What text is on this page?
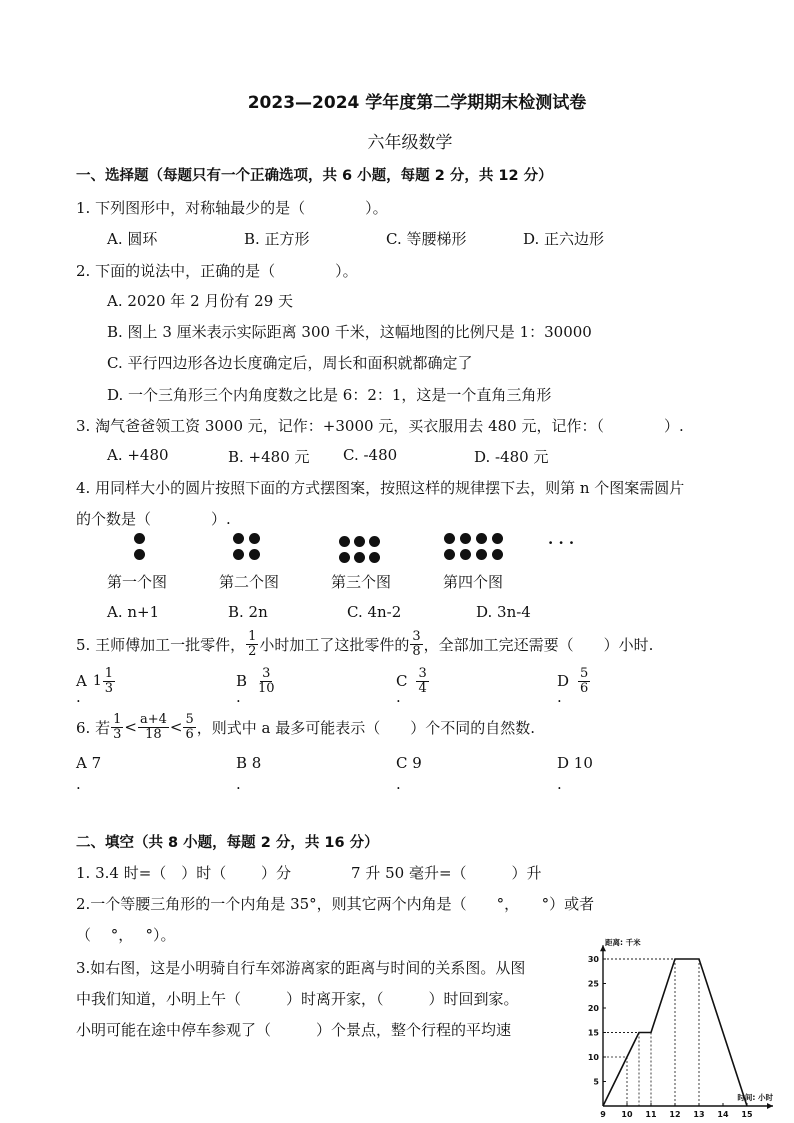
2023—2024 学年度第二学期期末检测试卷
六年级数学
一、选择题（每题只有一个正确选项，共 6 小题，每题 2 分，共 12 分）
1. 下列图形中，对称轴最少的是（　　　　）。
A. 圆环	B. 正方形	C. 等腰梯形	D. 正六边形
2. 下面的说法中，正确的是（　　　　）。
A. 2020 年 2 月份有 29 天
B. 图上 3 厘米表示实际距离 300 千米，这幅地图的比例尺是 1：30000
C. 平行四边形各边长度确定后，周长和面积就都确定了
D. 一个三角形三个内角度数之比是 6：2：1，这是一个直角三角形
3. 淘气爸爸领工资 3000 元，记作：+3000 元，买衣服用去 480 元，记作：（　　　　）.
A. +480	B. +480 元 C. -480	D. -480 元
4. 用同样大小的圆片按照下面的方式摆图案，按照这样的规律摆下去，则第 n 个图案需圆片
的个数是（　　　　）.
· · ·
第一个图	第二个图	第三个图	第四个图
A. n+1	B. 2n	C. 4n-2	D. 3n-4
5. 王师傅加工一批零件， $\frac{1}{2}$ 小时加工了这批零件的 $\frac{3}{8}$ ，全部加工完还需要（　　）小时.
A $1 \frac{1}{3}$
.
B $\frac{3}{10}$
.
C $\frac{3}{4}$
.
D $\frac{5}{6}$
.
6. 若 $\frac{1}{3} < \frac{a+4}{18} < \frac{5}{6}$ ，则式中 a 最多可能表示（　　）个不同的自然数.
A 7
.
B 8
.
C 9
.
D 10
.
二、填空（共 8 小题，每题 2 分，共 16 分）
1. 3.4 时=（　）时（　　 ）分　　　　7 升 50 毫升=（　　　）升
2.一个等腰三角形的一个内角是 35°，则其它两个内角是（　　°，　　°）或者
（　 °，　 °）。
3.如右图，这是小明骑自行车郊游离家的距离与时间的关系图。从图
中我们知道，小明上午（　　　）时离开家，（　　　）时回到家。
小明可能在途中停车参观了（　　　）个景点，整个行程的平均速
9 10 11 12 13 14 15
5
10
15
20
25
30
距离: 千米
时间: 小时
